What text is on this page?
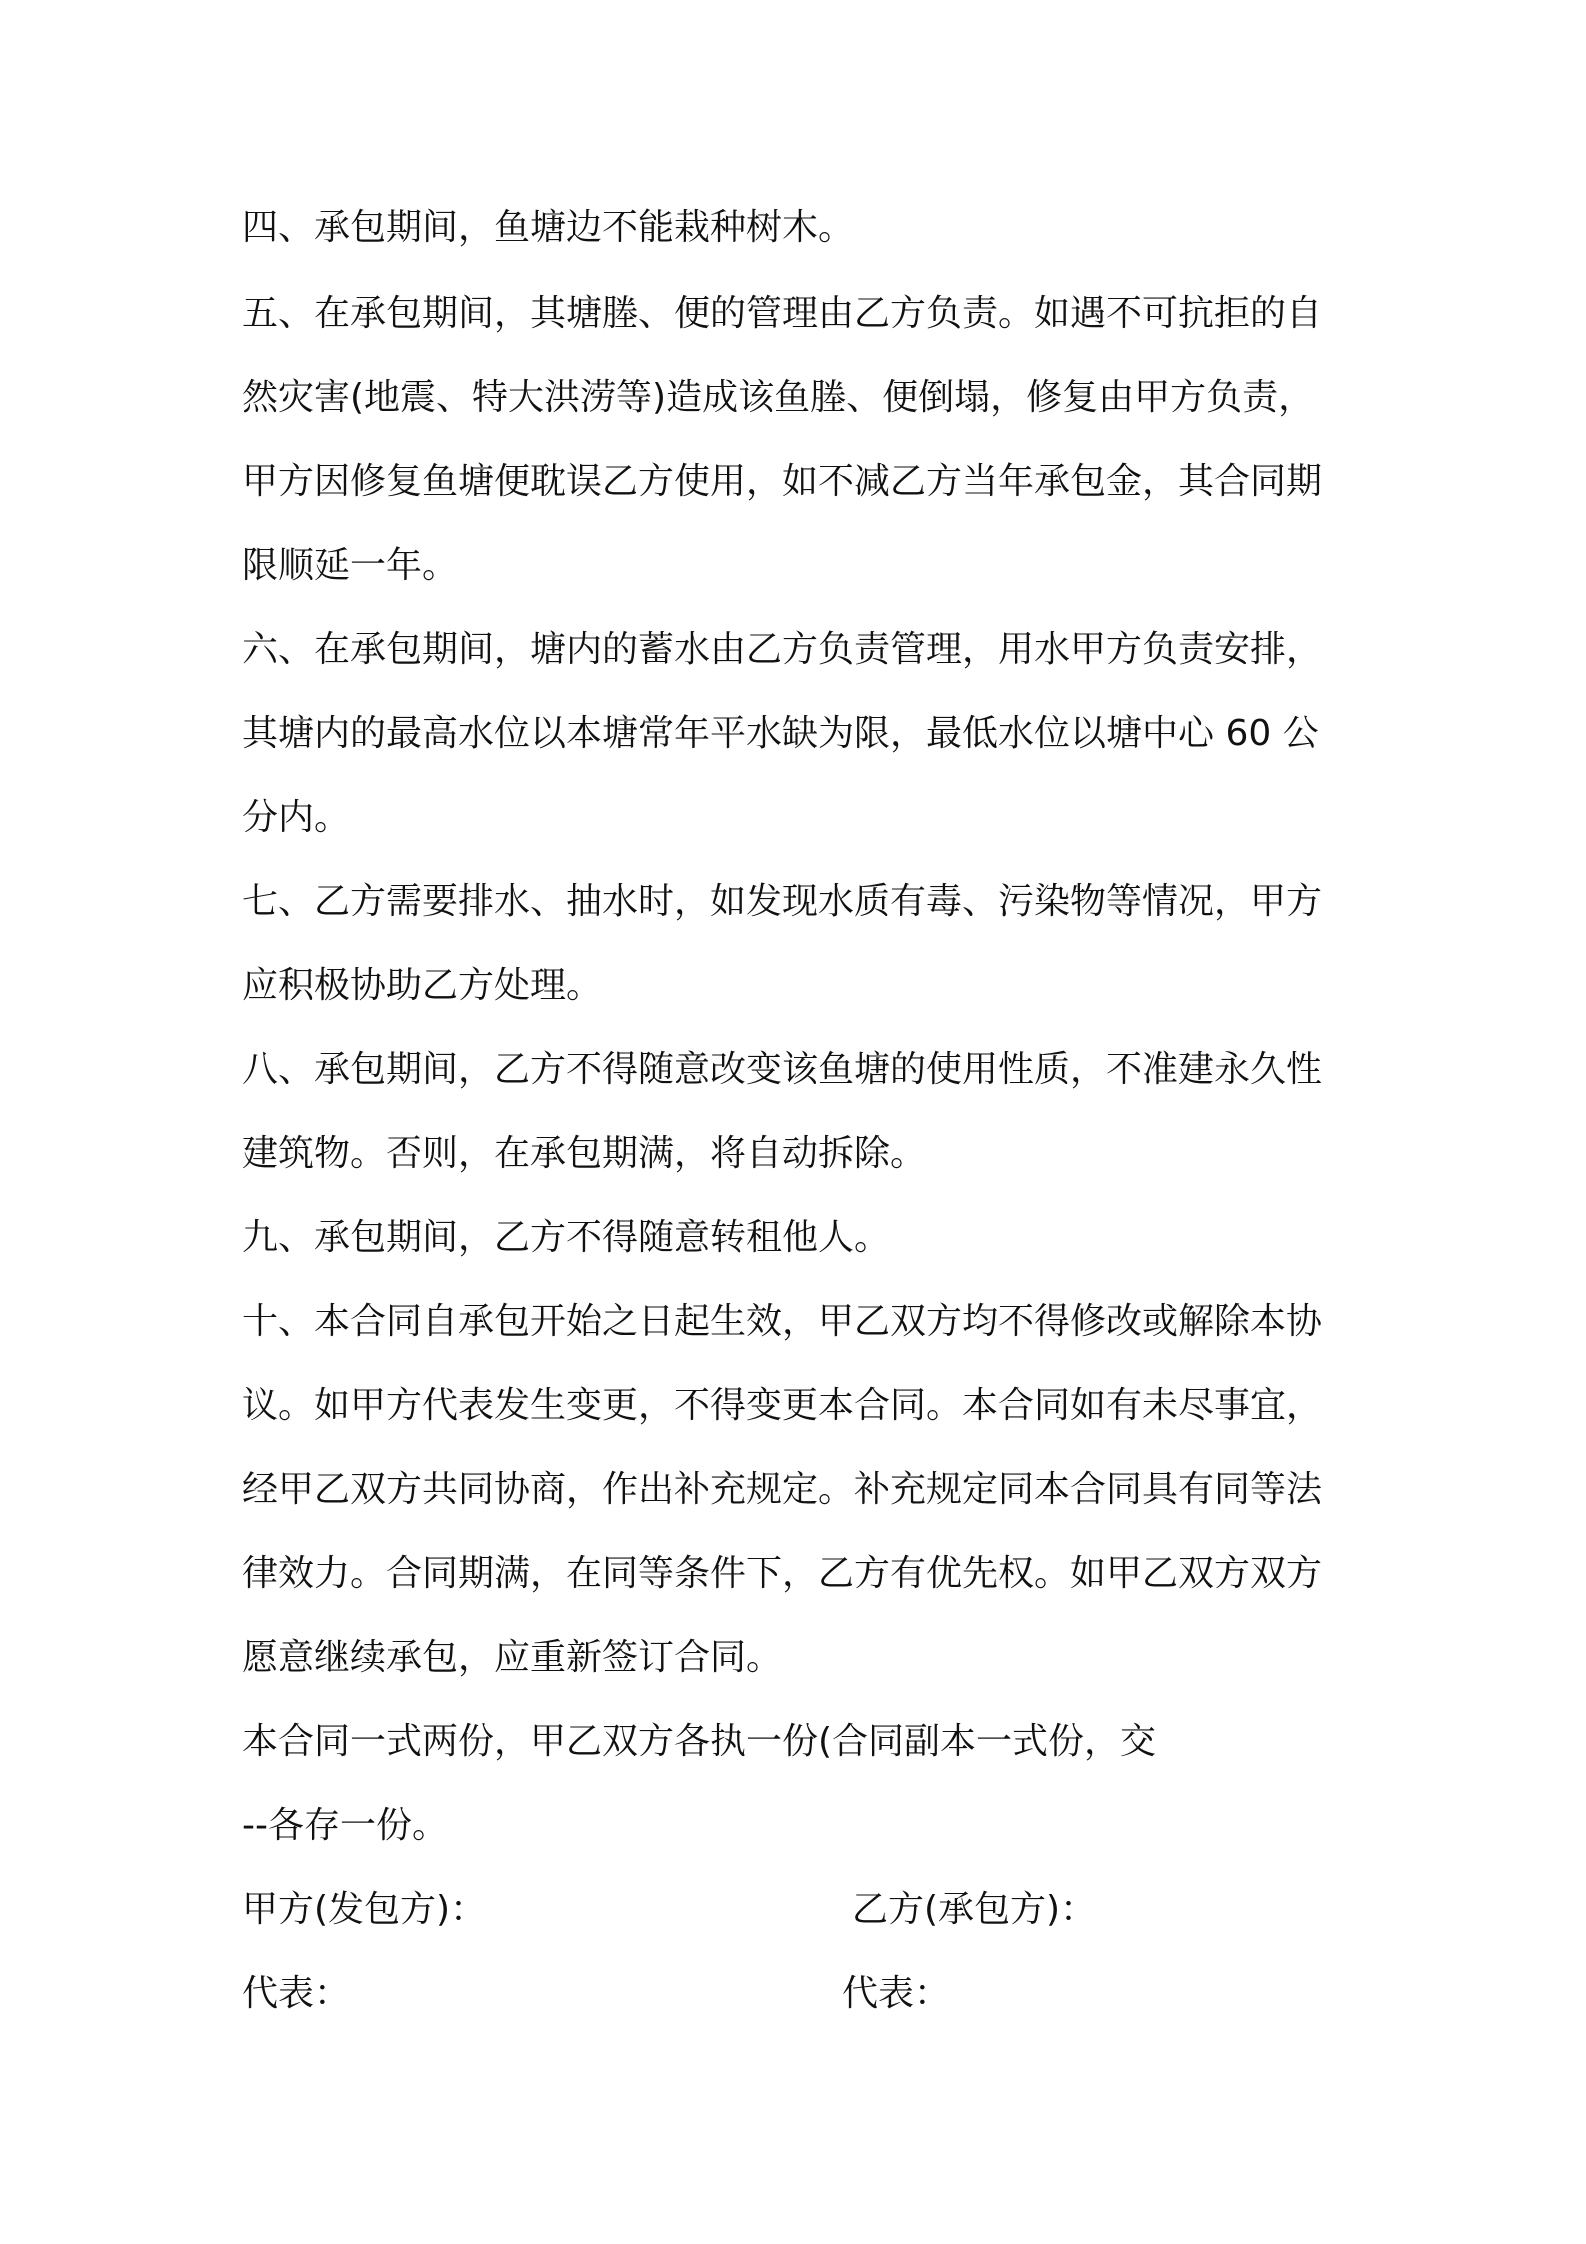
四、承包期间，鱼塘边不能栽种树木。
五、在承包期间，其塘塍、便的管理由乙方负责。如遇不可抗拒的自
然灾害(地震、特大洪涝等)造成该鱼塍、便倒塌，修复由甲方负责，
甲方因修复鱼塘便耽误乙方使用，如不减乙方当年承包金，其合同期
限顺延一年。
六、在承包期间，塘内的蓄水由乙方负责管理，用水甲方负责安排，
其塘内的最高水位以本塘常年平水缺为限，最低水位以塘中心 60 公
分内。
七、乙方需要排水、抽水时，如发现水质有毒、污染物等情况，甲方
应积极协助乙方处理。
八、承包期间，乙方不得随意改变该鱼塘的使用性质，不准建永久性
建筑物。否则，在承包期满，将自动拆除。
九、承包期间，乙方不得随意转租他人。
十、本合同自承包开始之日起生效，甲乙双方均不得修改或解除本协
议。如甲方代表发生变更，不得变更本合同。本合同如有未尽事宜，
经甲乙双方共同协商，作出补充规定。补充规定同本合同具有同等法
律效力。合同期满，在同等条件下，乙方有优先权。如甲乙双方双方
愿意继续承包，应重新签订合同。
本合同一式两份，甲乙双方各执一份(合同副本一式份，交
--各存一份。
甲方(发包方)：	乙方(承包方)：
代表：	代表：
